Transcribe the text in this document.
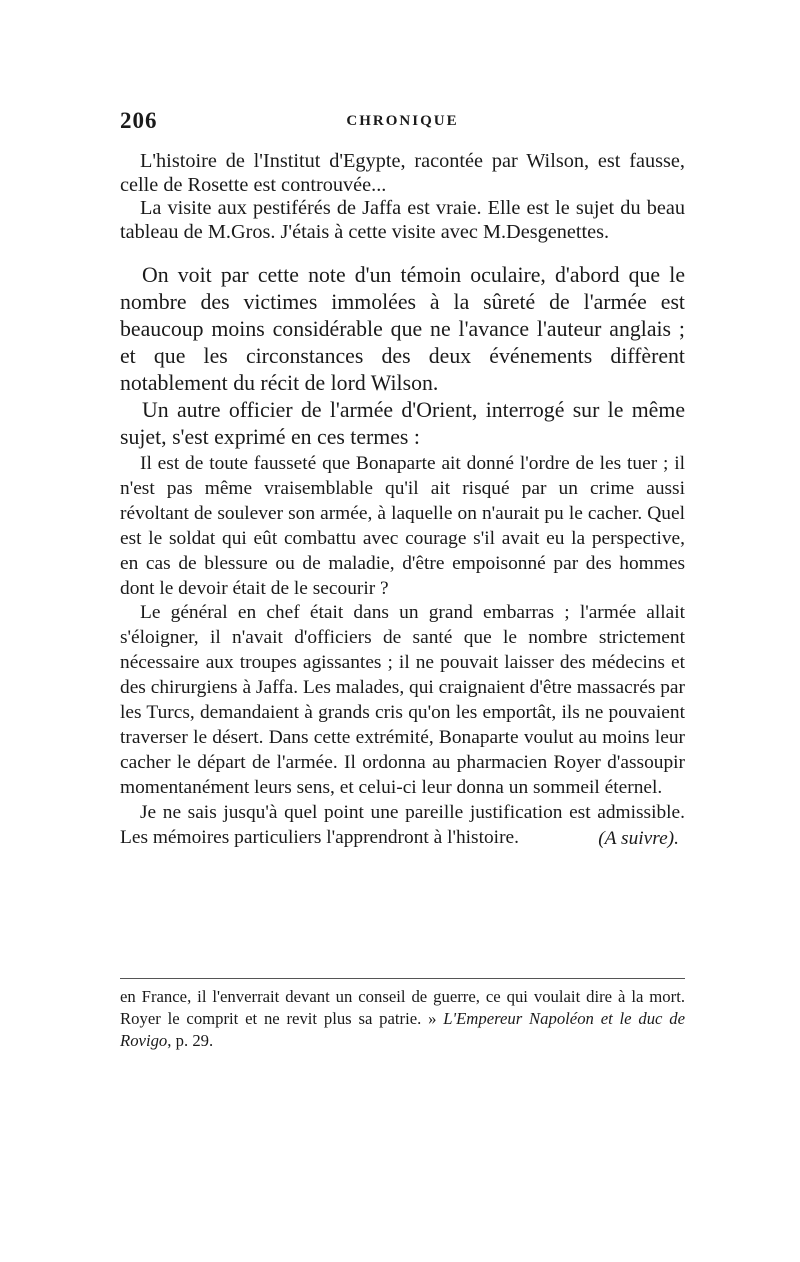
206	CHRONIQUE

L'histoire de l'Institut d'Egypte, racontée par Wilson, est fausse, celle de Rosette est controuvée...

La visite aux pestiférés de Jaffa est vraie. Elle est le sujet du beau tableau de M.Gros. J'étais à cette visite avec M.Desgenettes.

On voit par cette note d'un témoin oculaire, d'abord que le nombre des victimes immolées à la sûreté de l'armée est beaucoup moins considérable que ne l'avance l'auteur anglais ; et que les circonstances des deux événements diffèrent notablement du récit de lord Wilson.

Un autre officier de l'armée d'Orient, interrogé sur le même sujet, s'est exprimé en ces termes :

Il est de toute fausseté que Bonaparte ait donné l'ordre de les tuer ; il n'est pas même vraisemblable qu'il ait risqué par un crime aussi révoltant de soulever son armée, à laquelle on n'aurait pu le cacher. Quel est le soldat qui eût combattu avec courage s'il avait eu la perspective, en cas de blessure ou de maladie, d'être empoisonné par des hommes dont le devoir était de le secourir ?

Le général en chef était dans un grand embarras ; l'armée allait s'éloigner, il n'avait d'officiers de santé que le nombre strictement nécessaire aux troupes agissantes ; il ne pouvait laisser des médecins et des chirurgiens à Jaffa. Les malades, qui craignaient d'être massacrés par les Turcs, demandaient à grands cris qu'on les emportât, ils ne pouvaient traverser le désert. Dans cette extrémité, Bonaparte voulut au moins leur cacher le départ de l'armée. Il ordonna au pharmacien Royer d'assoupir momentanément leurs sens, et celui-ci leur donna un sommeil éternel.

Je ne sais jusqu'à quel point une pareille justification est admissible. Les mémoires particuliers l'apprendront à l'histoire.	(A suivre).

en France, il l'enverrait devant un conseil de guerre, ce qui voulait dire à la mort. Royer le comprit et ne revit plus sa patrie. » L'Empereur Napoléon et le duc de Rovigo, p. 29.
